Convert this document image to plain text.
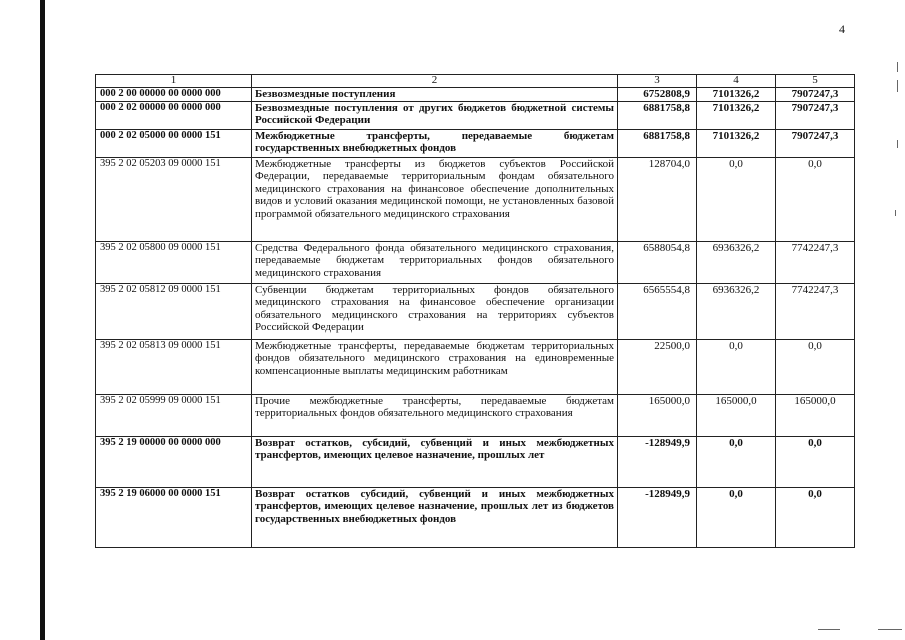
4
1	2	3	4	5
000 2 00 00000 00 0000 000	Безвозмездные поступления	6752808,9	7101326,2	7907247,3
000 2 02 00000 00 0000 000	Безвозмездные поступления от других бюджетов бюджетной системы Российской Федерации	6881758,8	7101326,2	7907247,3
000 2 02 05000 00 0000 151	Межбюджетные трансферты, передаваемые бюджетам государственных внебюджетных фондов	6881758,8	7101326,2	7907247,3
395 2 02 05203 09 0000 151	Межбюджетные трансферты из бюджетов субъектов Российской Федерации, передаваемые территориальным фондам обязательного медицинского страхования на финансовое обеспечение дополнительных видов и условий оказания медицинской помощи, не установленных базовой программой обязательного медицинского страхования	128704,0	0,0	0,0
395 2 02 05800 09 0000 151	Средства Федерального фонда обязательного медицинского страхования, передаваемые бюджетам территориальных фондов обязательного медицинского страхования	6588054,8	6936326,2	7742247,3
395 2 02 05812 09 0000 151	Субвенции бюджетам территориальных фондов обязательного медицинского страхования на финансовое обеспечение организации обязательного медицинского страхования на территориях субъектов Российской Федерации	6565554,8	6936326,2	7742247,3
395 2 02 05813 09 0000 151	Межбюджетные трансферты, передаваемые бюджетам территориальных фондов обязательного медицинского страхования на единовременные компенсационные выплаты медицинским работникам	22500,0	0,0	0,0
395 2 02 05999 09 0000 151	Прочие межбюджетные трансферты, передаваемые бюджетам территориальных фондов обязательного медицинского страхования	165000,0	165000,0	165000,0
395 2 19 00000 00 0000 000	Возврат остатков, субсидий, субвенций и иных межбюджетных трансфертов, имеющих целевое назначение, прошлых лет	-128949,9	0,0	0,0
395 2 19 06000 00 0000 151	Возврат остатков субсидий, субвенций и иных межбюджетных трансфертов, имеющих целевое назначение, прошлых лет из бюджетов государственных внебюджетных фондов	-128949,9	0,0	0,0
